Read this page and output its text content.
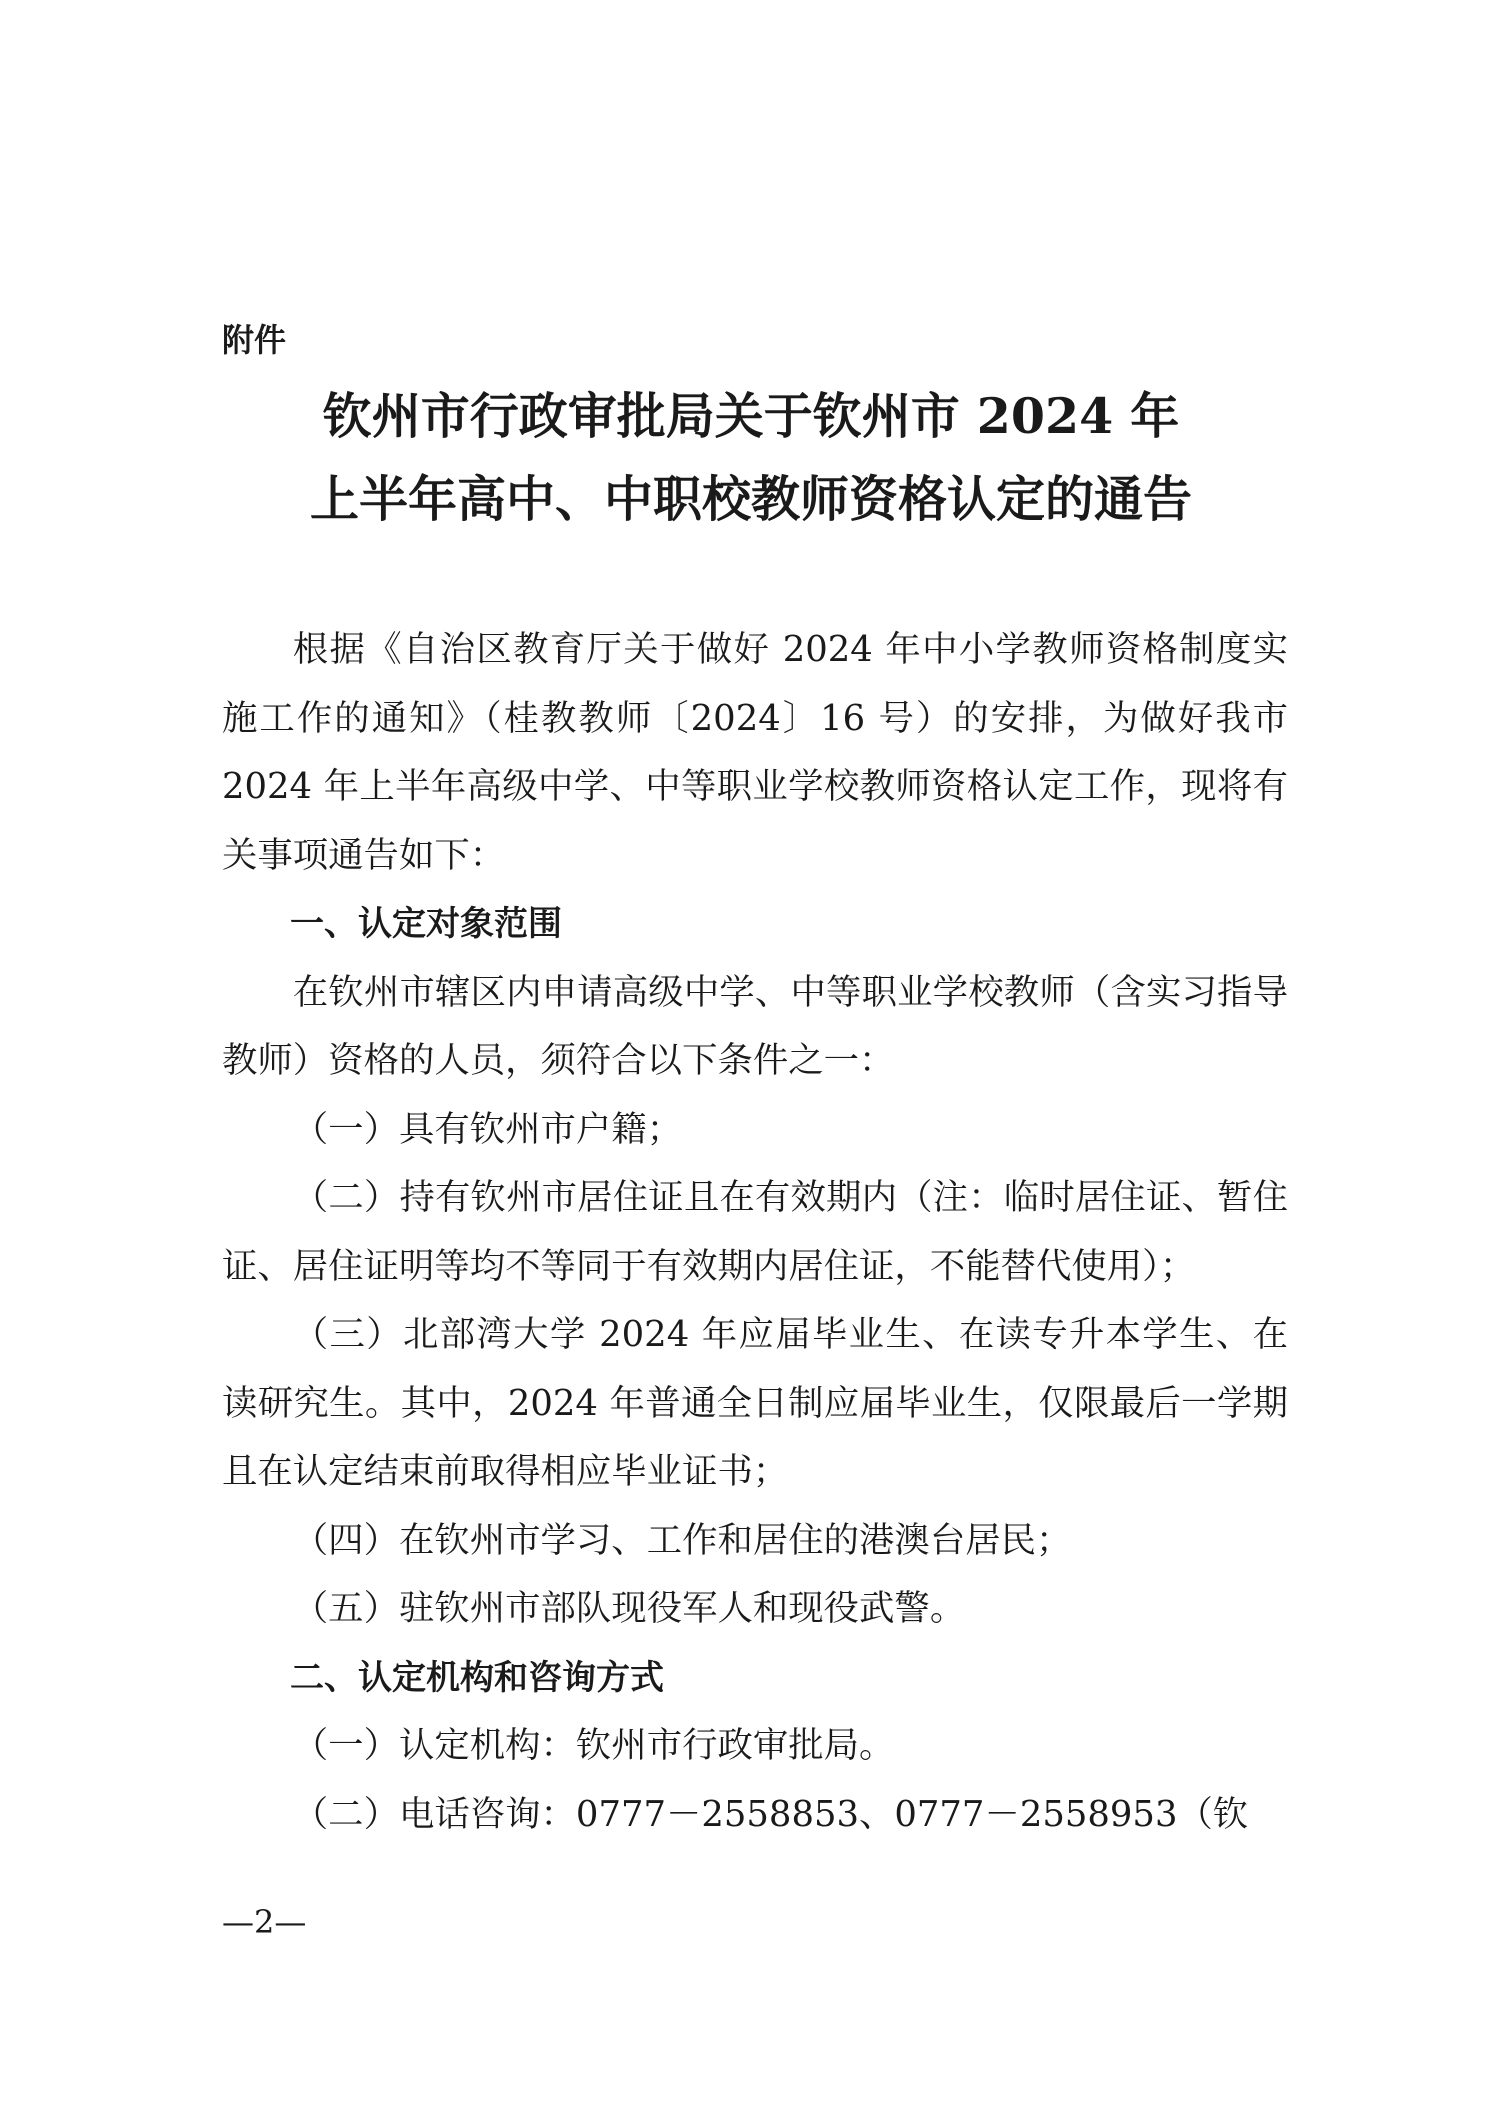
附件
钦州市行政审批局关于钦州市 2024 年
上半年高中、中职校教师资格认定的通告

根据《自治区教育厅关于做好 2024 年中小学教师资格制度实施工作的通知》（桂教教师〔2024〕16 号）的安排，为做好我市 2024 年上半年高级中学、中等职业学校教师资格认定工作，现将有关事项通告如下：

一、认定对象范围

在钦州市辖区内申请高级中学、中等职业学校教师（含实习指导教师）资格的人员，须符合以下条件之一：

（一）具有钦州市户籍；

（二）持有钦州市居住证且在有效期内（注：临时居住证、暂住证、居住证明等均不等同于有效期内居住证，不能替代使用）；

（三）北部湾大学 2024 年应届毕业生、在读专升本学生、在读研究生。其中，2024 年普通全日制应届毕业生，仅限最后一学期且在认定结束前取得相应毕业证书；

（四）在钦州市学习、工作和居住的港澳台居民；

（五）驻钦州市部队现役军人和现役武警。

二、认定机构和咨询方式

（一）认定机构：钦州市行政审批局。

（二）电话咨询：0777－2558853、0777－2558953（钦

—2—
